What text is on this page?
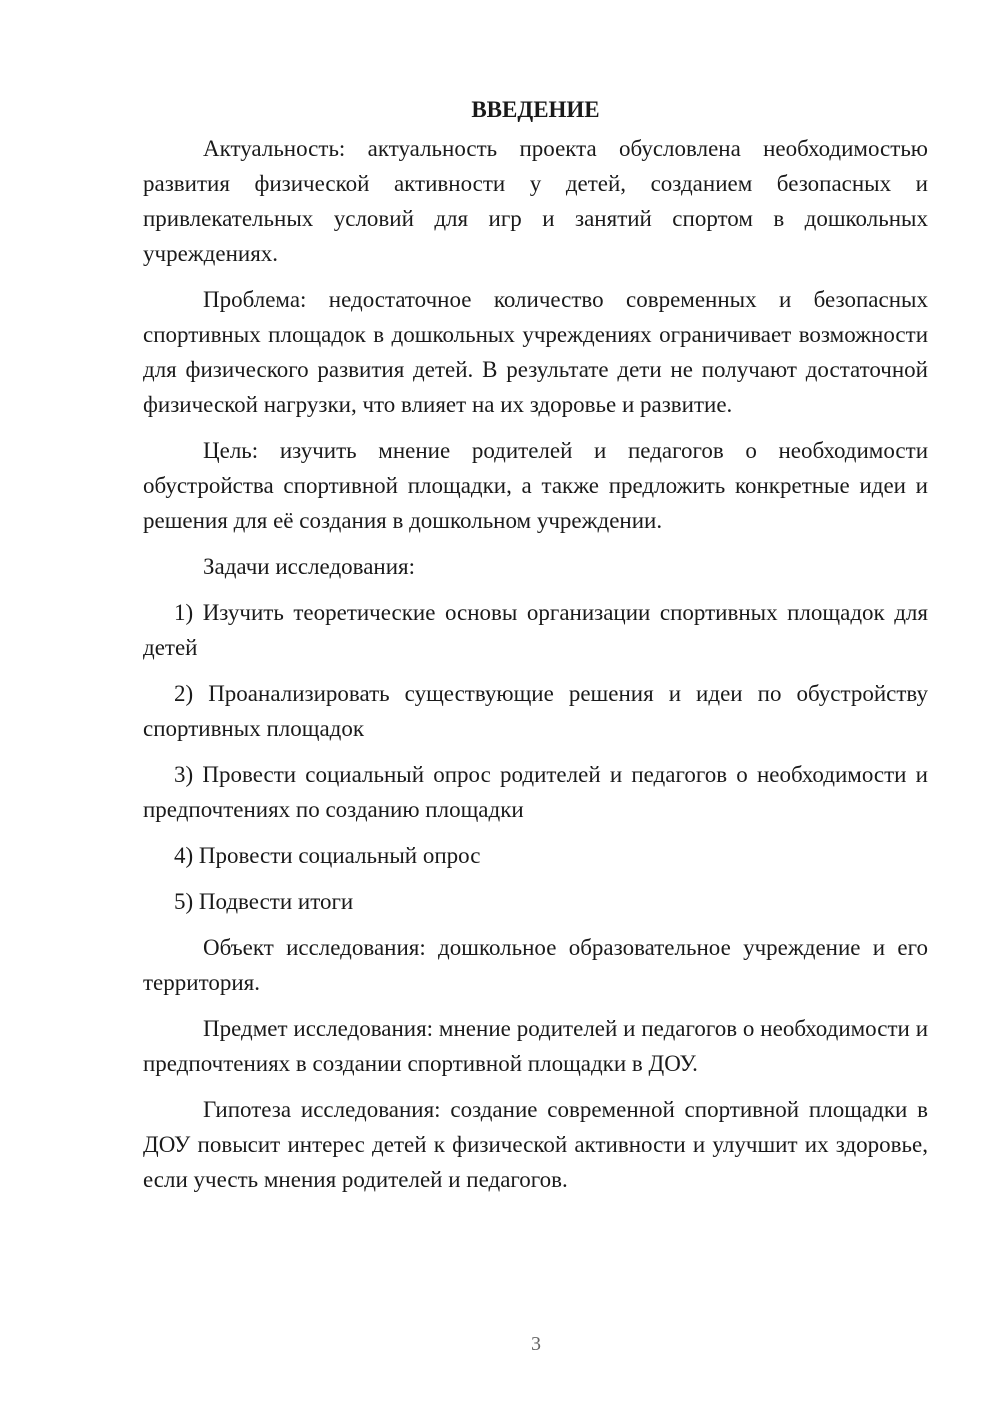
ВВЕДЕНИЕ

Актуальность: актуальность проекта обусловлена необходимостью развития физической активности у детей, созданием безопасных и привлекательных условий для игр и занятий спортом в дошкольных учреждениях.

Проблема: недостаточное количество современных и безопасных спортивных площадок в дошкольных учреждениях ограничивает возможности для физического развития детей. В результате дети не получают достаточной физической нагрузки, что влияет на их здоровье и развитие.

Цель: изучить мнение родителей и педагогов о необходимости обустройства спортивной площадки, а также предложить конкретные идеи и решения для её создания в дошкольном учреждении.

Задачи исследования:

1) Изучить теоретические основы организации спортивных площадок для детей

2) Проанализировать существующие решения и идеи по обустройству спортивных площадок

3) Провести социальный опрос родителей и педагогов о необходимости и предпочтениях по созданию площадки

4) Провести социальный опрос

5) Подвести итоги

Объект исследования: дошкольное образовательное учреждение и его территория.

Предмет исследования: мнение родителей и педагогов о необходимости и предпочтениях в создании спортивной площадки в ДОУ.

Гипотеза исследования: создание современной спортивной площадки в ДОУ повысит интерес детей к физической активности и улучшит их здоровье, если учесть мнения родителей и педагогов.

3
